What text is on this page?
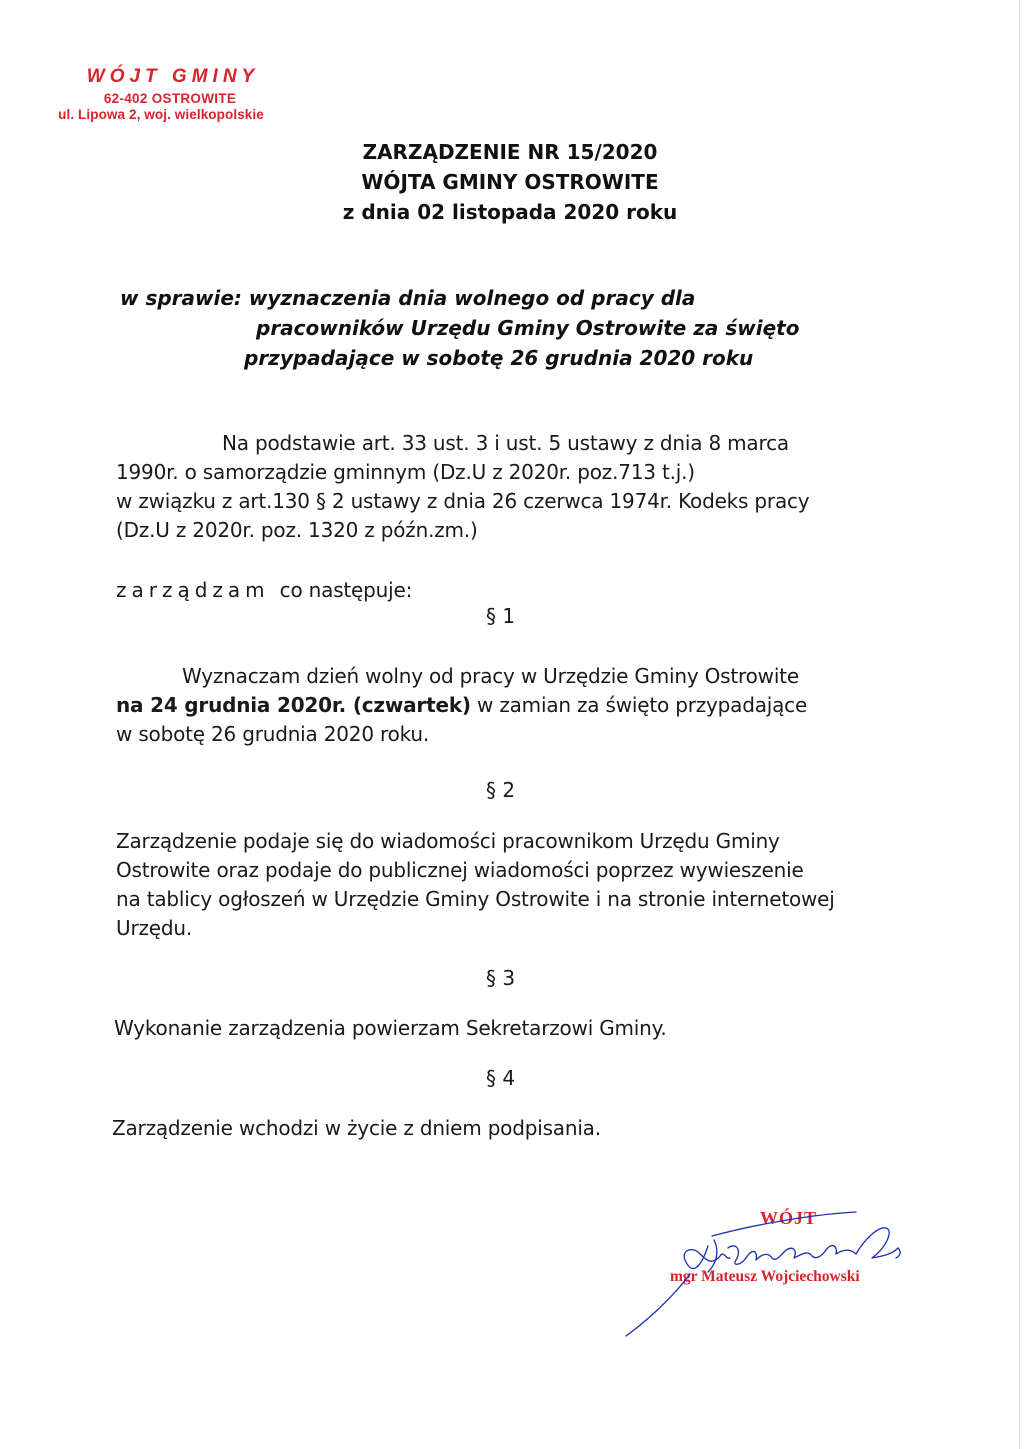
WÓJT GMINY
62-402 OSTROWITE
ul. Lipowa 2, woj. wielkopolskie
ZARZĄDZENIE NR 15/2020
WÓJTA GMINY OSTROWITE
z dnia 02 listopada 2020 roku
w sprawie: wyznaczenia dnia wolnego od pracy dla
pracowników Urzędu Gminy Ostrowite za święto
przypadające w sobotę 26 grudnia 2020 roku
Na podstawie art. 33 ust. 3 i ust. 5 ustawy z dnia 8 marca
1990r. o samorządzie gminnym (Dz.U z 2020r. poz.713 t.j.)
w związku z art.130 § 2 ustawy z dnia 26 czerwca 1974r. Kodeks pracy
(Dz.U z 2020r. poz. 1320 z późn.zm.)
zarządzam co następuje:
§ 1
Wyznaczam dzień wolny od pracy w Urzędzie Gminy Ostrowite
na 24 grudnia 2020r. (czwartek) w zamian za święto przypadające
w sobotę 26 grudnia 2020 roku.
§ 2
Zarządzenie podaje się do wiadomości pracownikom Urzędu Gminy
Ostrowite oraz podaje do publicznej wiadomości poprzez wywieszenie
na tablicy ogłoszeń w Urzędzie Gminy Ostrowite i na stronie internetowej
Urzędu.
§ 3
Wykonanie zarządzenia powierzam Sekretarzowi Gminy.
§ 4
Zarządzenie wchodzi w życie z dniem podpisania.
WÓJT
mgr Mateusz Wojciechowski
